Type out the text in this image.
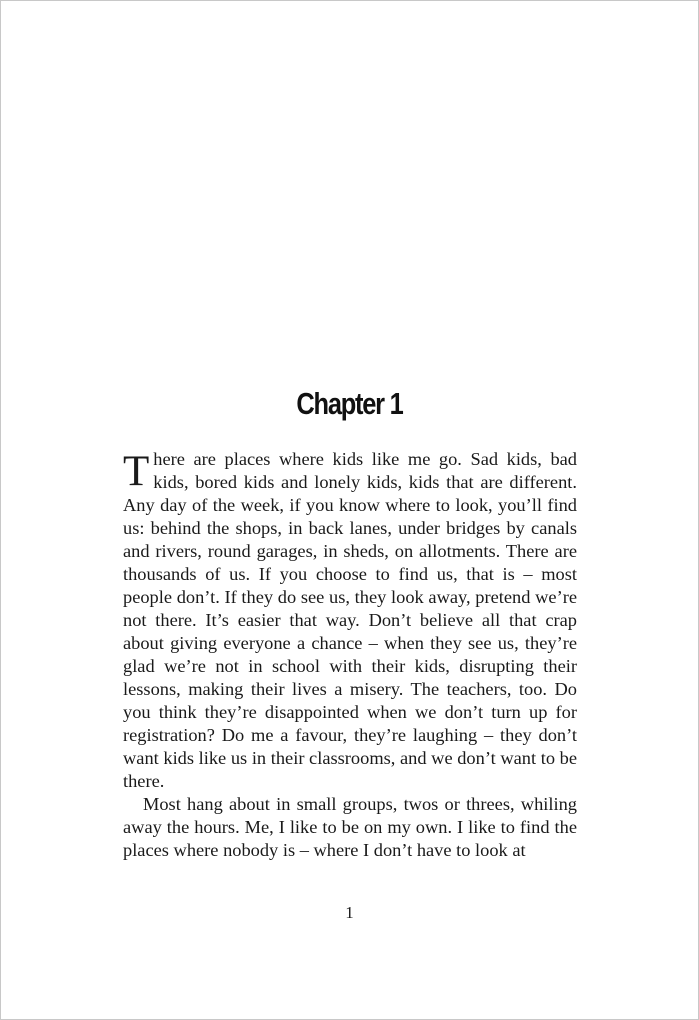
Chapter 1

There are places where kids like me go. Sad kids, bad kids, bored kids and lonely kids, kids that are different. Any day of the week, if you know where to look, you’ll find us: behind the shops, in back lanes, under bridges by canals and rivers, round garages, in sheds, on allotments. There are thousands of us. If you choose to find us, that is – most people don’t. If they do see us, they look away, pretend we’re not there. It’s easier that way. Don’t believe all that crap about giving everyone a chance – when they see us, they’re glad we’re not in school with their kids, disrupting their lessons, making their lives a misery. The teachers, too. Do you think they’re disappointed when we don’t turn up for registration? Do me a favour, they’re laughing – they don’t want kids like us in their classrooms, and we don’t want to be there.

Most hang about in small groups, twos or threes, whiling away the hours. Me, I like to be on my own. I like to find the places where nobody is – where I don’t have to look at

1
